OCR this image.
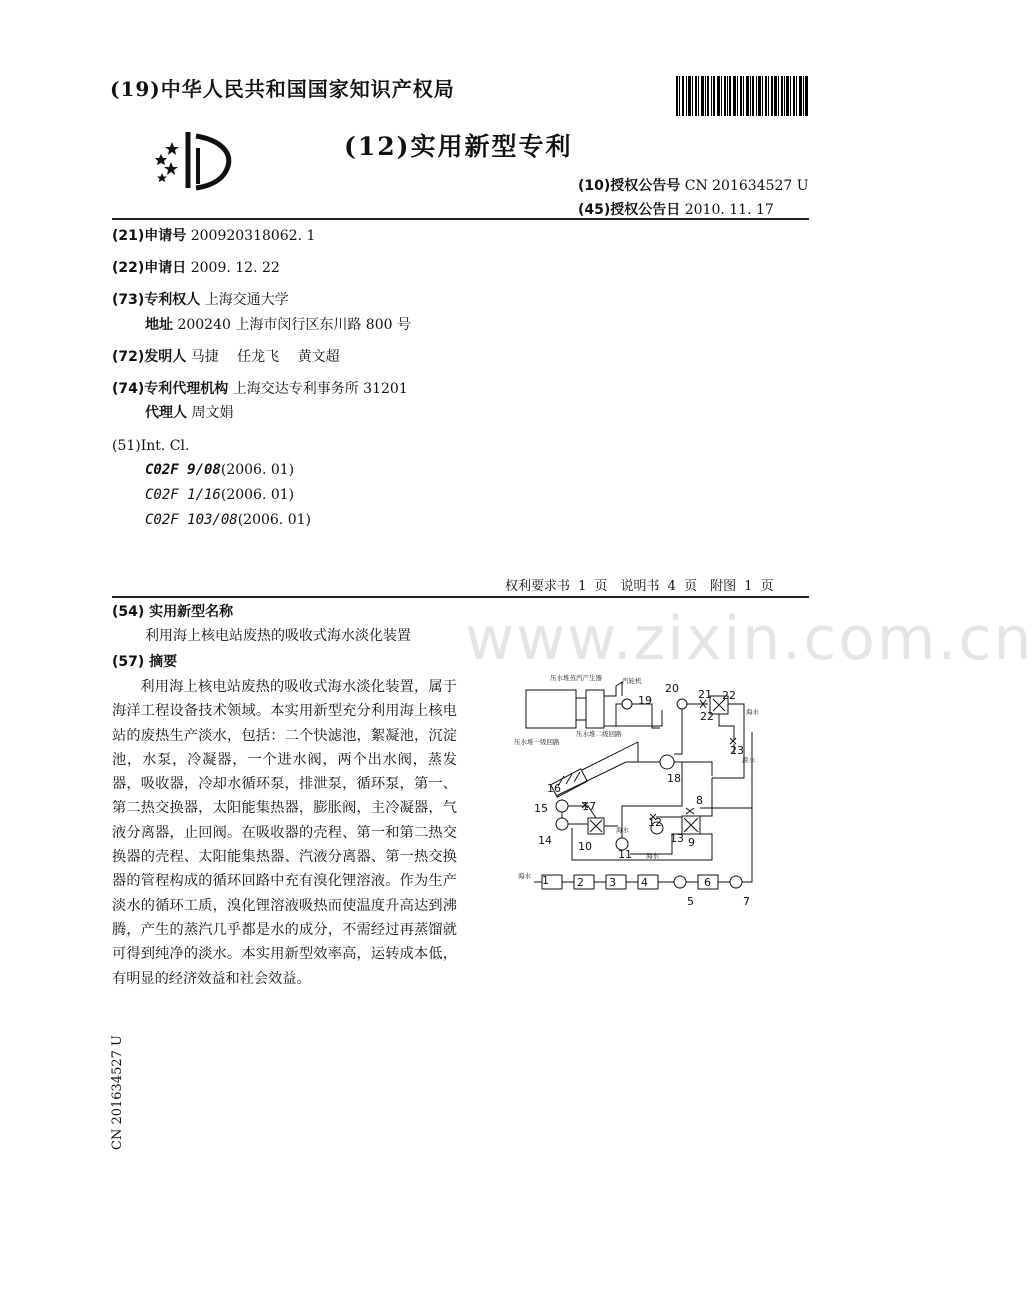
(19)中华人民共和国国家知识产权局
(12)实用新型专利
(10)授权公告号 CN 201634527 U
(45)授权公告日 2010. 11. 17
(21)申请号 200920318062. 1
(22)申请日 2009. 12. 22
(73)专利权人 上海交通大学
地址 200240 上海市闵行区东川路 800 号
(72)发明人 马捷　 任龙飞　 黄文超
(74)专利代理机构 上海交达专利事务所 31201
代理人 周文娟
(51)Int. Cl.
C02F 9/08(2006. 01)
C02F 1/16(2006. 01)
C02F 103/08(2006. 01)
权利要求书 1 页　说明书 4 页　附图 1 页
(54) 实用新型名称
利用海上核电站废热的吸收式海水淡化装置
(57) 摘要

利用海上核电站废热的吸收式海水淡化装置，属于海洋工程设备技术领域。本实用新型充分利用海上核电站的废热生产淡水，包括：二个快滤池，絮凝池，沉淀池，水泵，冷凝器，一个进水阀，两个出水阀，蒸发器，吸收器，冷却水循环泵，排泄泵，循环泵，第一、第二热交换器，太阳能集热器，膨胀阀，主冷凝器，气液分离器，止回阀。在吸收器的壳程、第一和第二热交换器的壳程、太阳能集热器、汽液分离器、第一热交换器的管程构成的循环回路中充有溴化锂溶液。作为生产淡水的循环工质，溴化锂溶液吸热而使温度升高达到沸腾，产生的蒸汽几乎都是水的成分，不需经过再蒸馏就可得到纯净的淡水。本实用新型效率高，运转成本低，有明显的经济效益和社会效益。

www.zixin.com.cn
CN 201634527 U
1	2 3 4
5
6
7
8
9
10
11
12
13
14
15
16
17
18
19
20 21 22
22
23
压水堆蒸汽产生器	汽轮机
压水堆一级回路
压水堆二级回路
海水
淡水
海水
海水
海水
